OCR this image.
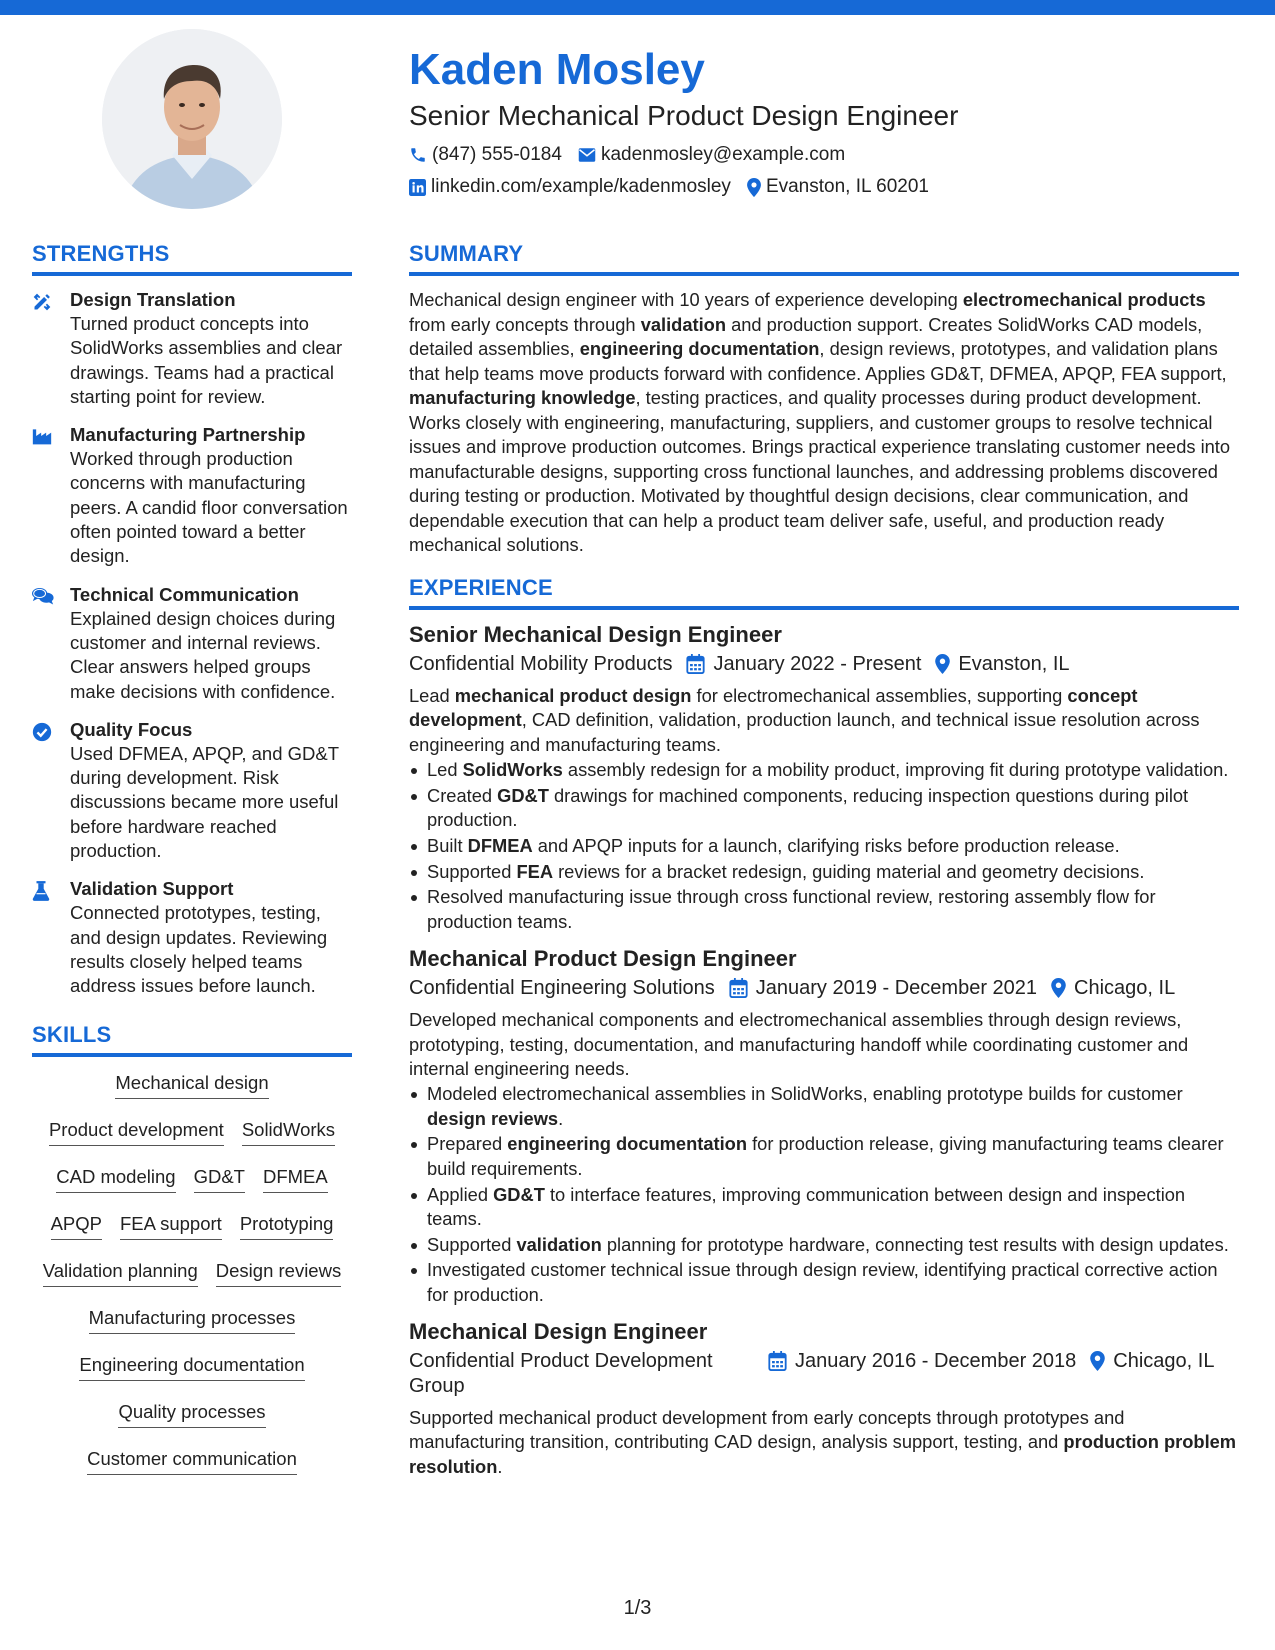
Kaden Mosley
Senior Mechanical Product Design Engineer
(847) 555-0184 kadenmosley@example.com
linkedin.com/example/kadenmosley Evanston, IL 60201
STRENGTHS
Design Translation
Turned product concepts into SolidWorks assemblies and clear drawings. Teams had a practical starting point for review.
Manufacturing Partnership
Worked through production concerns with manufacturing peers. A candid floor conversation often pointed toward a better design.
Technical Communication
Explained design choices during customer and internal reviews. Clear answers helped groups make decisions with confidence.
Quality Focus
Used DFMEA, APQP, and GD&T during development. Risk discussions became more useful before hardware reached production.
Validation Support
Connected prototypes, testing, and design updates. Reviewing results closely helped teams address issues before launch.
SKILLS
Mechanical design
Product development SolidWorks
CAD modeling GD&T DFMEA
APQP FEA support Prototyping
Validation planning Design reviews
Manufacturing processes
Engineering documentation
Quality processes
Customer communication
SUMMARY
Mechanical design engineer with 10 years of experience developing electromechanical products from early concepts through validation and production support. Creates SolidWorks CAD models, detailed assemblies, engineering documentation, design reviews, prototypes, and validation plans that help teams move products forward with confidence. Applies GD&T, DFMEA, APQP, FEA support, manufacturing knowledge, testing practices, and quality processes during product development. Works closely with engineering, manufacturing, suppliers, and customer groups to resolve technical issues and improve production outcomes. Brings practical experience translating customer needs into manufacturable designs, supporting cross functional launches, and addressing problems discovered during testing or production. Motivated by thoughtful design decisions, clear communication, and dependable execution that can help a product team deliver safe, useful, and production ready mechanical solutions.
EXPERIENCE
Senior Mechanical Design Engineer
Confidential Mobility Products January 2022 - Present Evanston, IL
Lead mechanical product design for electromechanical assemblies, supporting concept development, CAD definition, validation, production launch, and technical issue resolution across engineering and manufacturing teams.
Led SolidWorks assembly redesign for a mobility product, improving fit during prototype validation.
Created GD&T drawings for machined components, reducing inspection questions during pilot production.
Built DFMEA and APQP inputs for a launch, clarifying risks before production release.
Supported FEA reviews for a bracket redesign, guiding material and geometry decisions.
Resolved manufacturing issue through cross functional review, restoring assembly flow for production teams.
Mechanical Product Design Engineer
Confidential Engineering Solutions January 2019 - December 2021 Chicago, IL
Developed mechanical components and electromechanical assemblies through design reviews, prototyping, testing, documentation, and manufacturing handoff while coordinating customer and internal engineering needs.
Modeled electromechanical assemblies in SolidWorks, enabling prototype builds for customer design reviews.
Prepared engineering documentation for production release, giving manufacturing teams clearer build requirements.
Applied GD&T to interface features, improving communication between design and inspection teams.
Supported validation planning for prototype hardware, connecting test results with design updates.
Investigated customer technical issue through design review, identifying practical corrective action for production.
Mechanical Design Engineer
Confidential Product Development Group
January 2016 - December 2018 Chicago, IL
Supported mechanical product development from early concepts through prototypes and manufacturing transition, contributing CAD design, analysis support, testing, and production problem resolution.
1/3
